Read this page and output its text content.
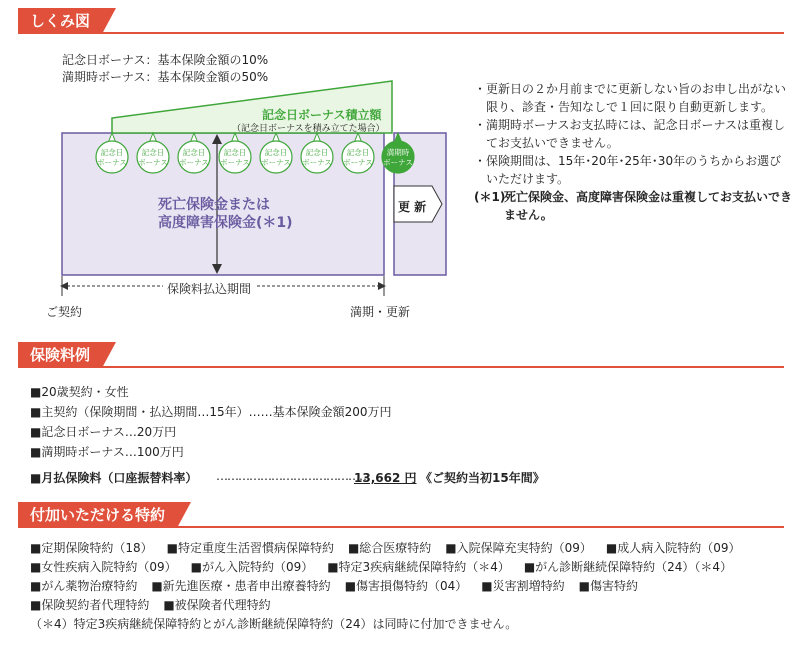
しくみ図
記念日ボーナス：基本保険金額の10%
満期時ボーナス：基本保険金額の50%
記念日
ボーナス
記念日
ボーナス
記念日
ボーナス
記念日
ボーナス
記念日
ボーナス
記念日
ボーナス
記念日
ボーナス
満期時
ボーナス
記念日ボーナス積立額
（記念日ボーナスを積み立てた場合）
死亡保険金または
高度障害保険金(＊1)
更 新
保険料払込期間
ご契約	満期・更新
・ 更新日の２か月前までに更新しない旨のお申し出がない限り、診査・告知なしで１回に限り自動更新します。
・ 満期時ボーナスお支払時には、記念日ボーナスは重複してお支払いできません。
・ 保険期間は、15年･20年･25年･30年のうちからお選びいただけます。
(＊1)
死亡保険金、高度障害保険金は重複してお支払いできません。
保険料例
■20歳契約・女性
■主契約（保険期間・払込期間…15年）……基本保険金額200万円
■記念日ボーナス…20万円
■満期時ボーナス…100万円
■月払保険料（口座振替料率） ……………………………………
13,662 円 《ご契約当初15年間》
付加いただける特約
■定期保険特約（18） ■特定重度生活習慣病保障特約 ■総合医療特約 ■入院保障充実特約（09） ■成人病入院特約（09）
■女性疾病入院特約（09） ■がん入院特約（09） ■特定3疾病継続保障特約（＊4） ■がん診断継続保障特約（24）（＊4）
■がん薬物治療特約 ■新先進医療・患者申出療養特約 ■傷害損傷特約（04） ■災害割増特約 ■傷害特約
■保険契約者代理特約 ■被保険者代理特約
（＊4）特定3疾病継続保障特約とがん診断継続保障特約（24）は同時に付加できません。
